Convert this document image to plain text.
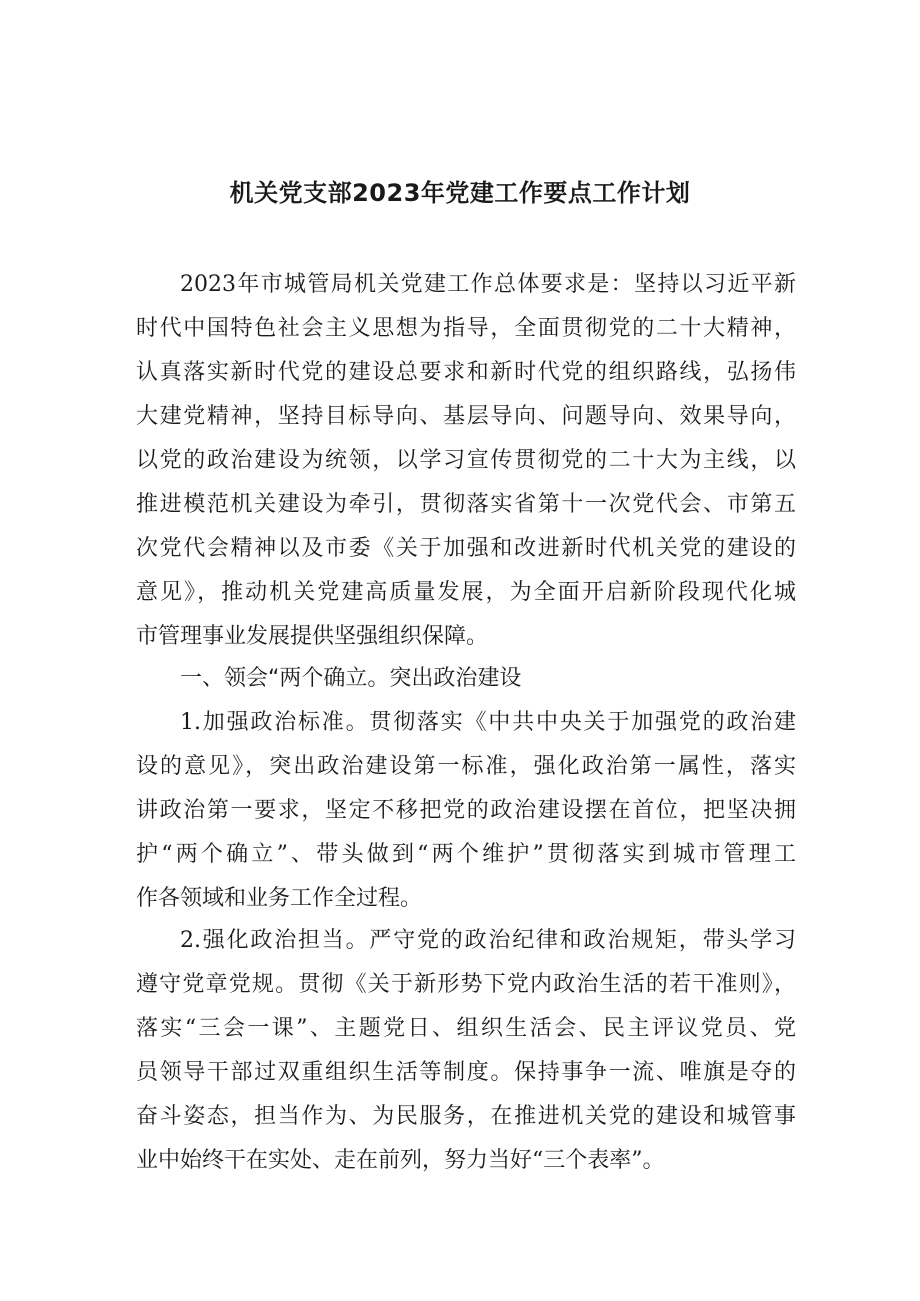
机关党支部2023年党建工作要点工作计划

2023年市城管局机关党建工作总体要求是：坚持以习近平新

时代中国特色社会主义思想为指导，全面贯彻党的二十大精神，

认真落实新时代党的建设总要求和新时代党的组织路线，弘扬伟

大建党精神，坚持目标导向、基层导向、问题导向、效果导向，

以党的政治建设为统领，以学习宣传贯彻党的二十大为主线，以

推进模范机关建设为牵引，贯彻落实省第十一次党代会、市第五

次党代会精神以及市委《关于加强和改进新时代机关党的建设的

意见》，推动机关党建高质量发展，为全面开启新阶段现代化城

市管理事业发展提供坚强组织保障。

一、领会“两个确立。突出政治建设

1.加强政治标准。贯彻落实《中共中央关于加强党的政治建

设的意见》，突出政治建设第一标准，强化政治第一属性，落实

讲政治第一要求，坚定不移把党的政治建设摆在首位，把坚决拥

护“两个确立”、带头做到“两个维护”贯彻落实到城市管理工

作各领域和业务工作全过程。

2.强化政治担当。严守党的政治纪律和政治规矩，带头学习

遵守党章党规。贯彻《关于新形势下党内政治生活的若干准则》，

落实“三会一课”、主题党日、组织生活会、民主评议党员、党

员领导干部过双重组织生活等制度。保持事争一流、唯旗是夺的

奋斗姿态，担当作为、为民服务，在推进机关党的建设和城管事

业中始终干在实处、走在前列，努力当好“三个表率”。
